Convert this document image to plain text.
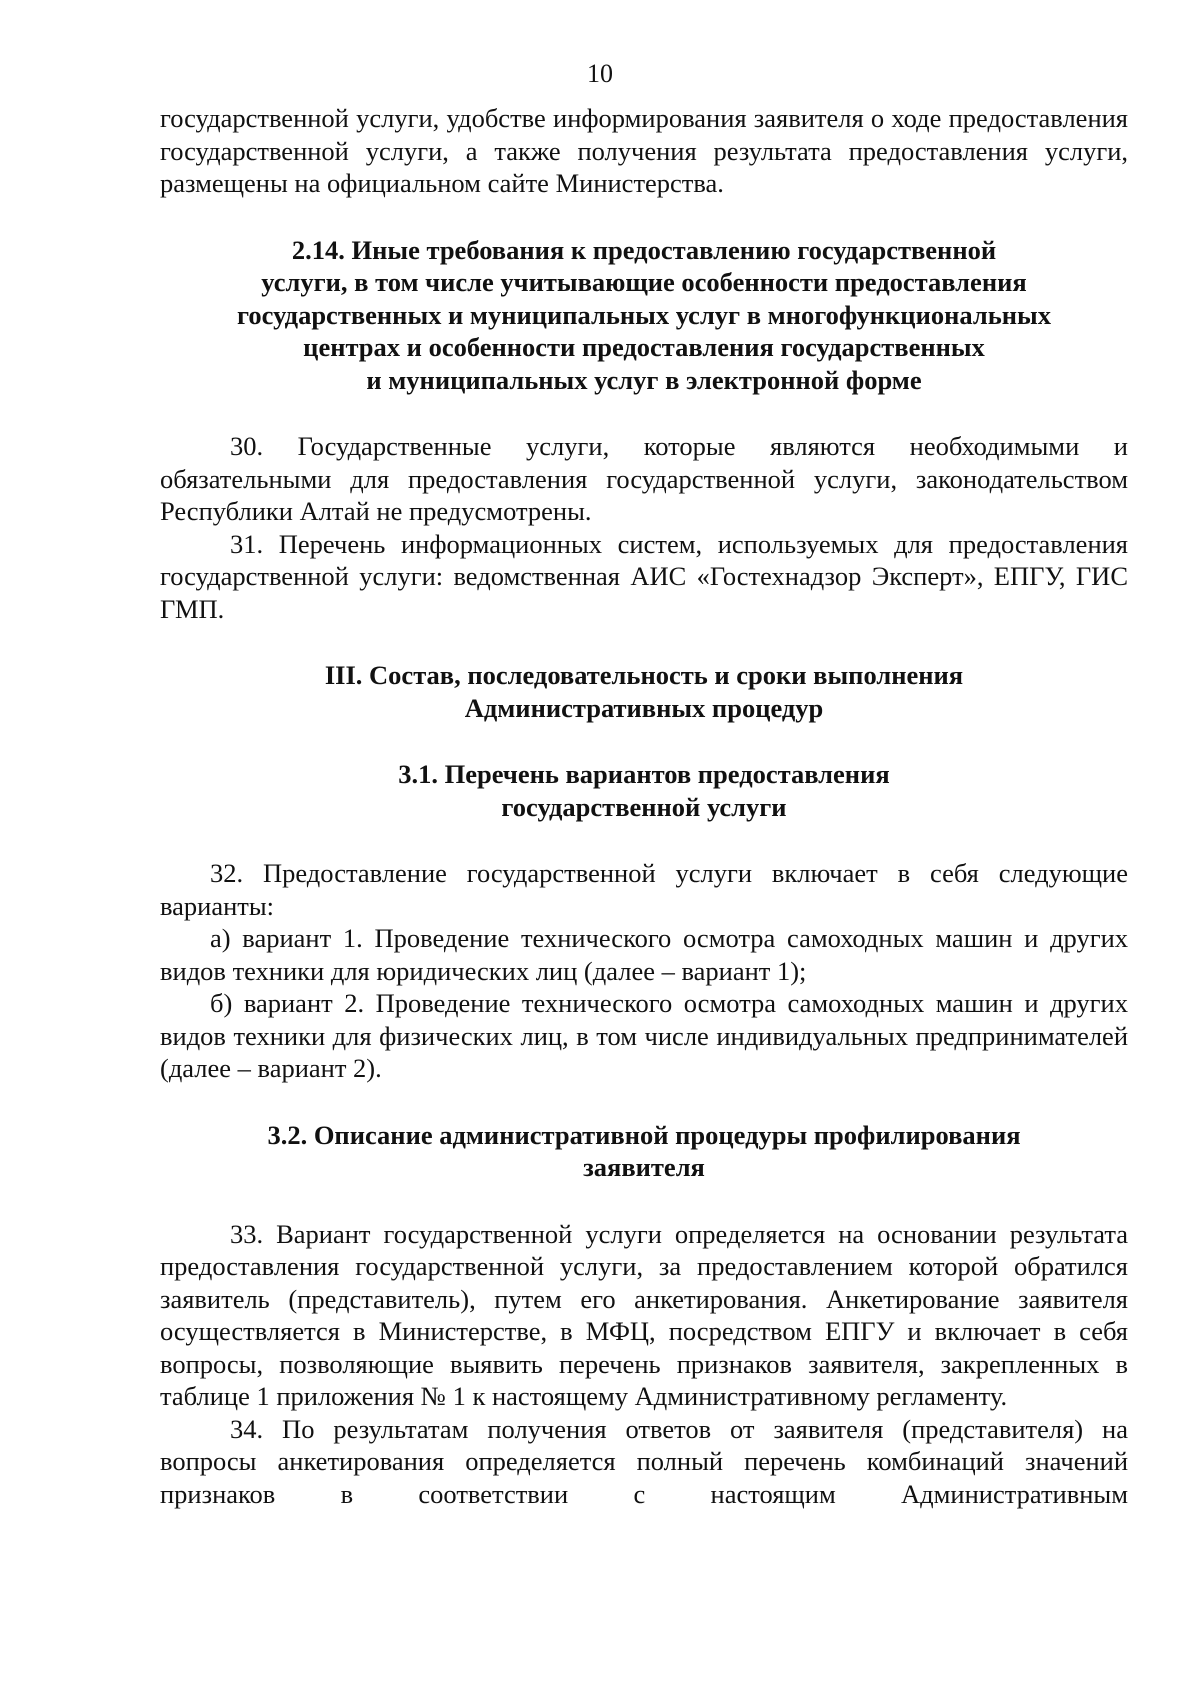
10

государственной услуги, удобстве информирования заявителя о ходе предоставления государственной услуги, а также получения результата предоставления услуги, размещены на официальном сайте Министерства.

2.14. Иные требования к предоставлению государственной
услуги, в том числе учитывающие особенности предоставления
государственных и муниципальных услуг в многофункциональных
центрах и особенности предоставления государственных
и муниципальных услуг в электронной форме

30. Государственные услуги, которые являются необходимыми и обязательными для предоставления государственной услуги, законодательством Республики Алтай не предусмотрены.

31. Перечень информационных систем, используемых для предоставления государственной услуги: ведомственная АИС «Гостехнадзор Эксперт», ЕПГУ, ГИС ГМП.

III. Состав, последовательность и сроки выполнения
Административных процедур
3.1. Перечень вариантов предоставления
государственной услуги

32. Предоставление государственной услуги включает в себя следующие варианты:

а) вариант 1. Проведение технического осмотра самоходных машин и других видов техники для юридических лиц (далее – вариант 1);

б) вариант 2. Проведение технического осмотра самоходных машин и других видов техники для физических лиц, в том числе индивидуальных предпринимателей (далее – вариант 2).

3.2. Описание административной процедуры профилирования
заявителя

33. Вариант государственной услуги определяется на основании результата предоставления государственной услуги, за предоставлением которой обратился заявитель (представитель), путем его анкетирования. Анкетирование заявителя осуществляется в Министерстве, в МФЦ, посредством ЕПГУ и включает в себя вопросы, позволяющие выявить перечень признаков заявителя, закрепленных в таблице 1 приложения № 1 к настоящему Административному регламенту.

34. По результатам получения ответов от заявителя (представителя) на вопросы анкетирования определяется полный перечень комбинаций значений признаков в соответствии с настоящим Административным
